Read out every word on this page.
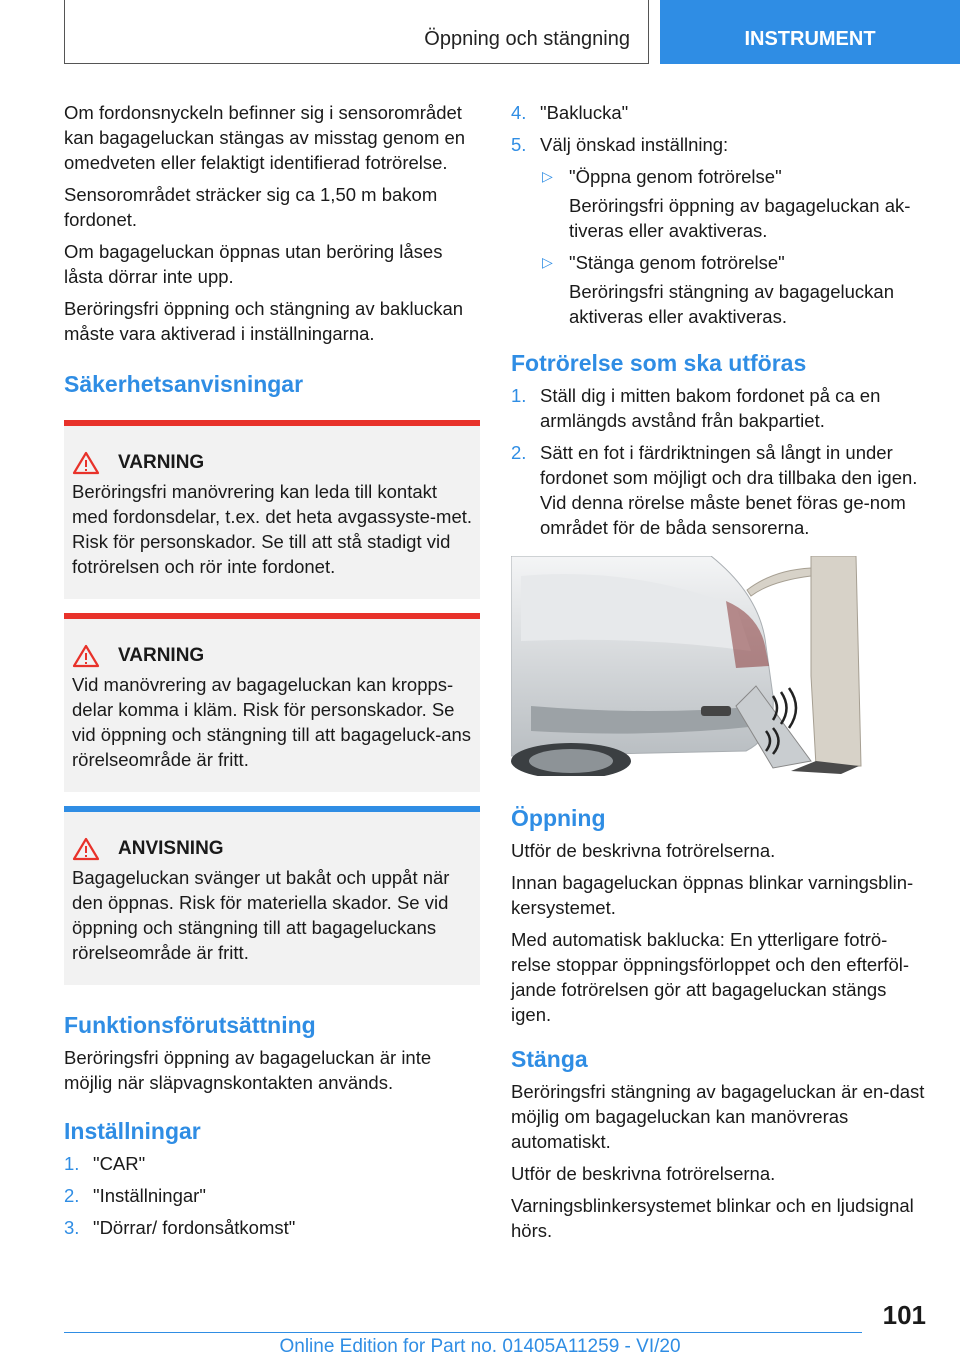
Öppning och stängning	INSTRUMENT

Om fordonsnyckeln befinner sig i sensorområdet kan bagageluckan stängas av misstag genom en omedveten eller felaktigt identifierad fotrörelse.

Sensorområdet sträcker sig ca 1,50 m bakom fordonet.

Om bagageluckan öppnas utan beröring låses låsta dörrar inte upp.

Beröringsfri öppning och stängning av bakluckan måste vara aktiverad i inställningarna.

Säkerhetsanvisningar
VARNING
Beröringsfri manövrering kan leda till kontakt med fordonsdelar, t.ex. det heta avgassyste-met. Risk för personskador. Se till att stå stadigt vid fotrörelsen och rör inte fordonet.
VARNING
Vid manövrering av bagageluckan kan kropps-delar komma i kläm. Risk för personskador. Se vid öppning och stängning till att bagageluck-ans rörelseområde är fritt.
ANVISNING
Bagageluckan svänger ut bakåt och uppåt när den öppnas. Risk för materiella skador. Se vid öppning och stängning till att bagageluckans rörelseområde är fritt.
Funktionsförutsättning

Beröringsfri öppning av bagageluckan är inte möjlig när släpvagnskontakten används.

Inställningar
1. "CAR"
2. "Inställningar"
3. "Dörrar/ fordonsåtkomst"
4. "Baklucka"
5. Välj önskad inställning:
▷ "Öppna genom fotrörelse"
Beröringsfri öppning av bagageluckan ak-tiveras eller avaktiveras.
▷ "Stänga genom fotrörelse"
Beröringsfri stängning av bagageluckan aktiveras eller avaktiveras.
Fotrörelse som ska utföras
1. Ställ dig i mitten bakom fordonet på ca en armlängds avstånd från bakpartiet.
2. Sätt en fot i färdriktningen så långt in under fordonet som möjligt och dra tillbaka den igen. Vid denna rörelse måste benet föras ge-nom området för de båda sensorerna.
Öppning

Utför de beskrivna fotrörelserna.

Innan bagageluckan öppnas blinkar varningsblin-kersystemet.

Med automatisk baklucka: En ytterligare fotrö-relse stoppar öppningsförloppet och den efterföl-jande fotrörelsen gör att bagageluckan stängs igen.

Stänga

Beröringsfri stängning av bagageluckan är en-dast möjlig om bagageluckan kan manövreras automatiskt.

Utför de beskrivna fotrörelserna.

Varningsblinkersystemet blinkar och en ljudsignal hörs.

101
Online Edition for Part no. 01405A11259 - VI/20
